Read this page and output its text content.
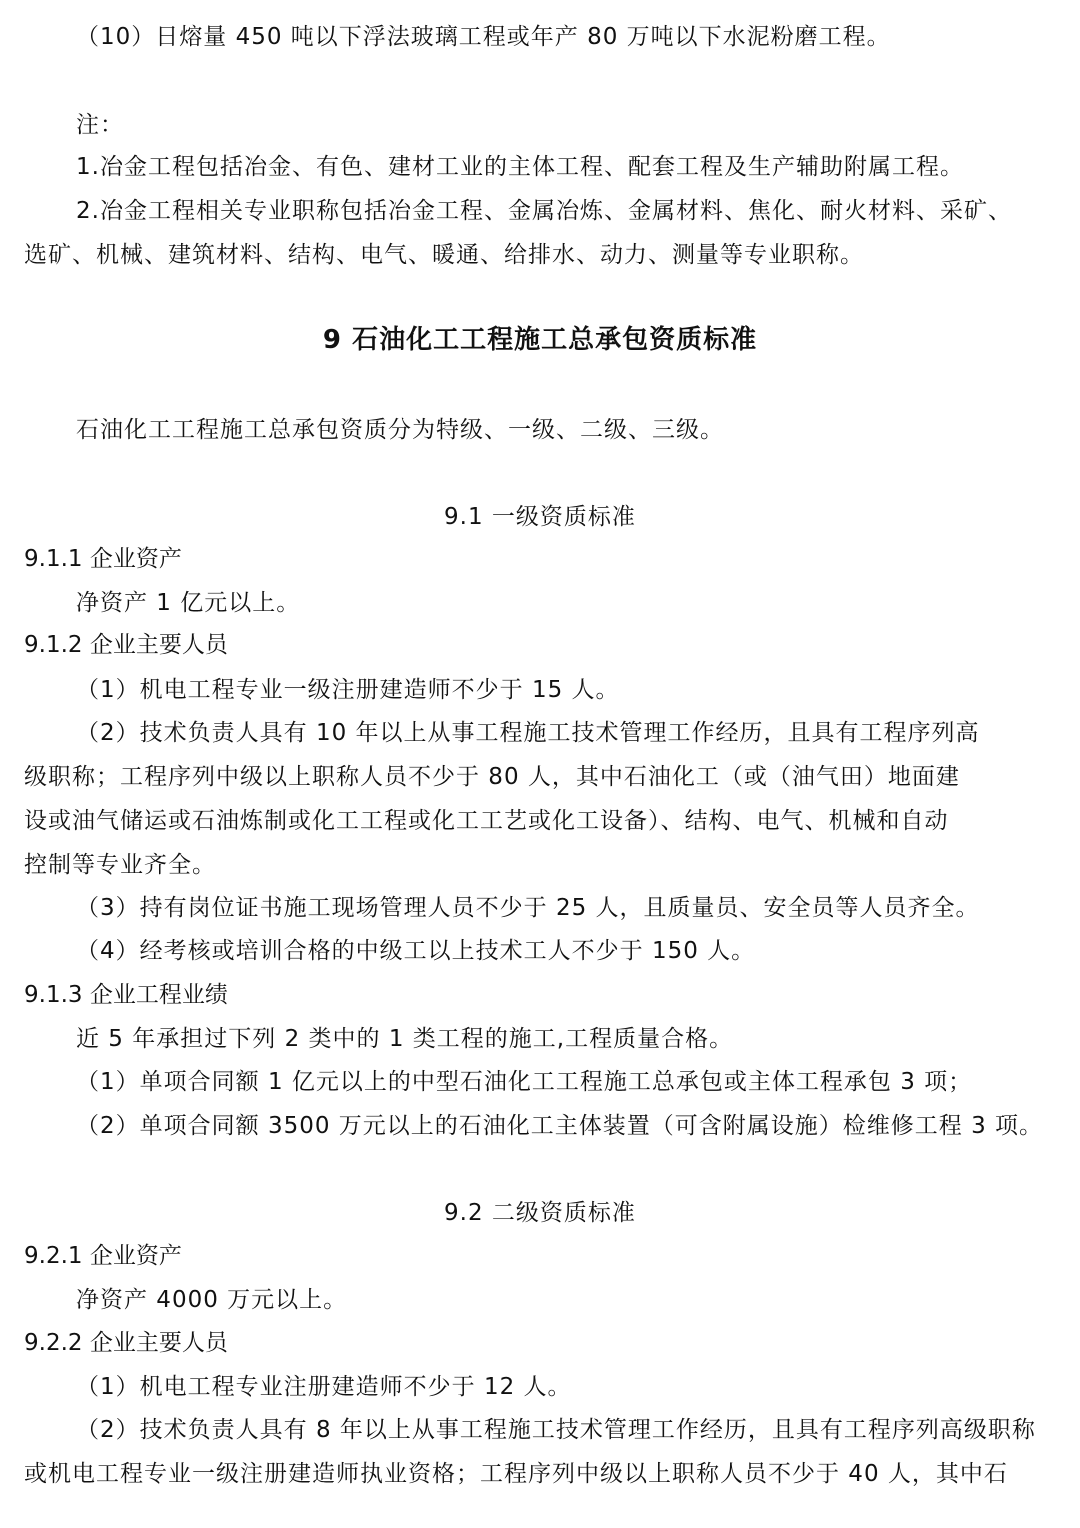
（10）日熔量 450 吨以下浮法玻璃工程或年产 80 万吨以下水泥粉磨工程。
注：
1.冶金工程包括冶金、有色、建材工业的主体工程、配套工程及生产辅助附属工程。
2.冶金工程相关专业职称包括冶金工程、金属冶炼、金属材料、焦化、耐火材料、采矿、
选矿、机械、建筑材料、结构、电气、暖通、给排水、动力、测量等专业职称。
9 石油化工工程施工总承包资质标准
石油化工工程施工总承包资质分为特级、一级、二级、三级。
9.1 一级资质标准
9.1.1 企业资产
净资产 1 亿元以上。
9.1.2 企业主要人员
（1）机电工程专业一级注册建造师不少于 15 人。
（2）技术负责人具有 10 年以上从事工程施工技术管理工作经历，且具有工程序列高
级职称；工程序列中级以上职称人员不少于 80 人，其中石油化工（或（油气田）地面建
设或油气储运或石油炼制或化工工程或化工工艺或化工设备）、结构、电气、机械和自动
控制等专业齐全。
（3）持有岗位证书施工现场管理人员不少于 25 人，且质量员、安全员等人员齐全。
（4）经考核或培训合格的中级工以上技术工人不少于 150 人。
9.1.3 企业工程业绩
近 5 年承担过下列 2 类中的 1 类工程的施工,工程质量合格。
（1）单项合同额 1 亿元以上的中型石油化工工程施工总承包或主体工程承包 3 项；
（2）单项合同额 3500 万元以上的石油化工主体装置（可含附属设施）检维修工程 3 项。
9.2 二级资质标准
9.2.1 企业资产
净资产 4000 万元以上。
9.2.2 企业主要人员
（1）机电工程专业注册建造师不少于 12 人。
（2）技术负责人具有 8 年以上从事工程施工技术管理工作经历，且具有工程序列高级职称
或机电工程专业一级注册建造师执业资格；工程序列中级以上职称人员不少于 40 人，其中石
